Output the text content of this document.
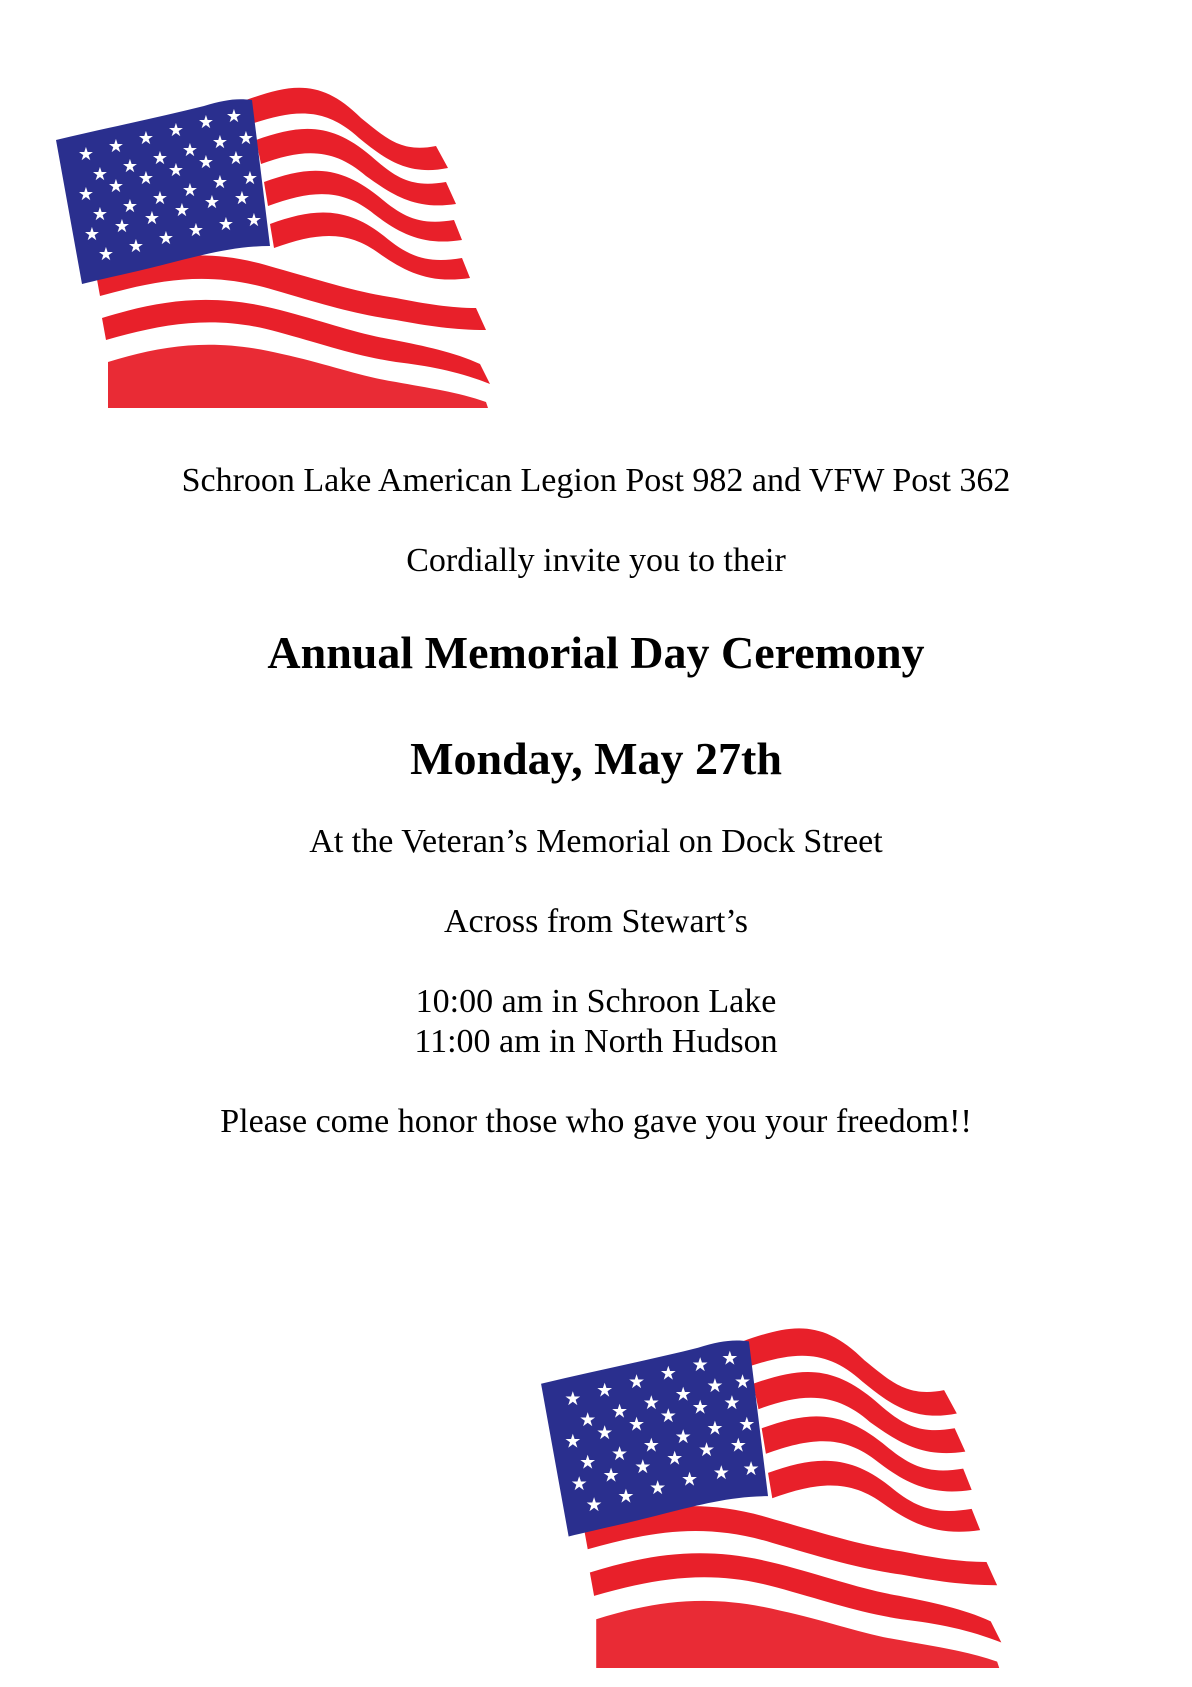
★ ★ ★ ★ ★ ★
★ ★ ★ ★ ★ ★
★ ★ ★ ★ ★ ★
★ ★ ★ ★ ★ ★
★ ★ ★ ★ ★ ★
★ ★ ★ ★ ★ ★
Schroon Lake American Legion Post 982 and VFW Post 362
Cordially invite you to their
Annual Memorial Day Ceremony
Monday, May 27th
At the Veteran’s Memorial on Dock Street
Across from Stewart’s
10:00 am in Schroon Lake
11:00 am in North Hudson
Please come honor those who gave you your freedom!!
★ ★ ★ ★ ★ ★
★ ★ ★ ★ ★ ★
★ ★ ★ ★ ★ ★
★ ★ ★ ★ ★ ★
★ ★ ★ ★ ★ ★
★ ★ ★ ★ ★ ★
